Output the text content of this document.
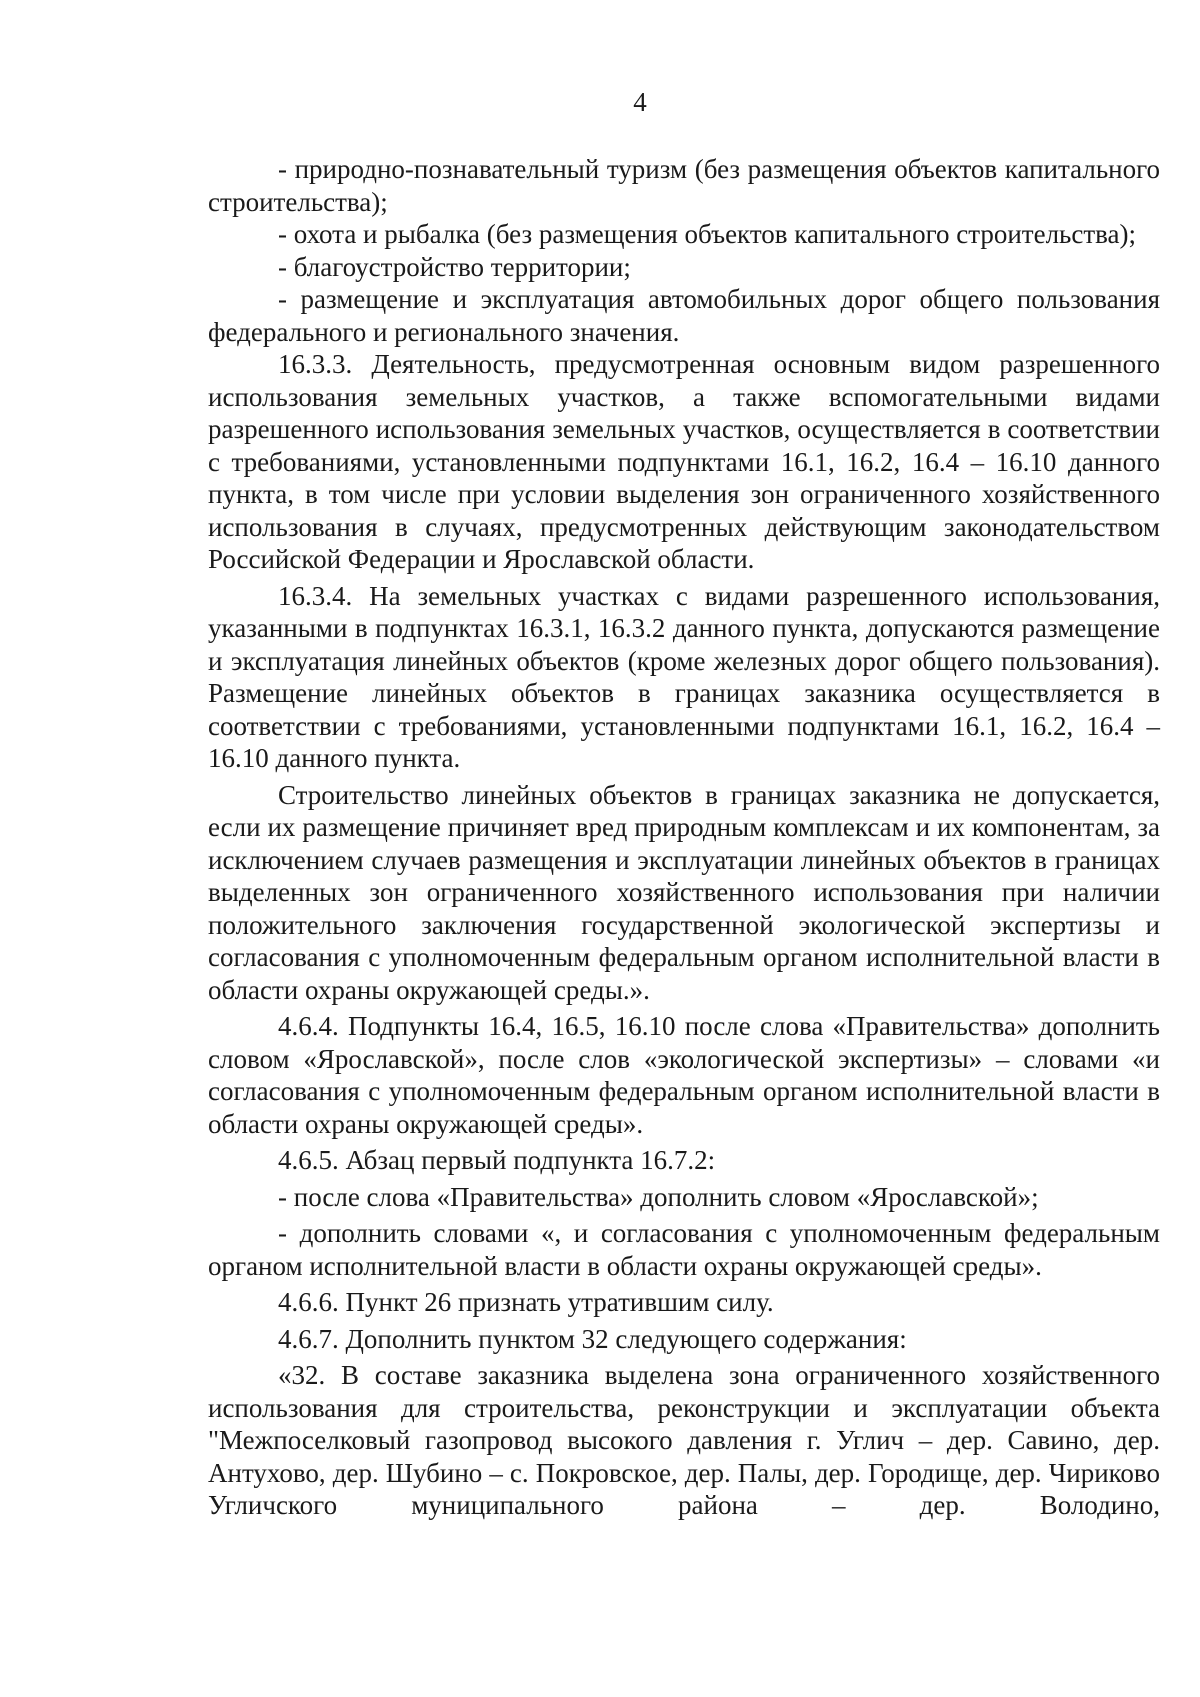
4

- природно-познавательный туризм (без размещения объектов капитального строительства);

- охота и рыбалка (без размещения объектов капитального строительства);

- благоустройство территории;

- размещение и эксплуатация автомобильных дорог общего пользования федерального и регионального значения.

16.3.3. Деятельность, предусмотренная основным видом разрешенного использования земельных участков, а также вспомогательными видами разрешенного использования земельных участков, осуществляется в соответствии с требованиями, установленными подпунктами 16.1, 16.2, 16.4 – 16.10 данного пункта, в том числе при условии выделения зон ограниченного хозяйственного использования в случаях, предусмотренных действующим законодательством Российской Федерации и Ярославской области.

16.3.4. На земельных участках с видами разрешенного использования, указанными в подпунктах 16.3.1, 16.3.2 данного пункта, допускаются размещение и эксплуатация линейных объектов (кроме железных дорог общего пользования). Размещение линейных объектов в границах заказника осуществляется в соответствии с требованиями, установленными подпунктами 16.1, 16.2, 16.4 – 16.10 данного пункта.

Строительство линейных объектов в границах заказника не допускается, если их размещение причиняет вред природным комплексам и их компонентам, за исключением случаев размещения и эксплуатации линейных объектов в границах выделенных зон ограниченного хозяйственного использования при наличии положительного заключения государственной экологической экспертизы и согласования с уполномоченным федеральным органом исполнительной власти в области охраны окружающей среды.».

4.6.4. Подпункты 16.4, 16.5, 16.10 после слова «Правительства» дополнить словом «Ярославской», после слов «экологической экспертизы» – словами «и согласования с уполномоченным федеральным органом исполнительной власти в области охраны окружающей среды».

4.6.5. Абзац первый подпункта 16.7.2:

- после слова «Правительства» дополнить словом «Ярославской»;

- дополнить словами «, и согласования с уполномоченным федеральным органом исполнительной власти в области охраны окружающей среды».

4.6.6. Пункт 26 признать утратившим силу.

4.6.7. Дополнить пунктом 32 следующего содержания:

«32. В составе заказника выделена зона ограниченного хозяйственного использования для строительства, реконструкции и эксплуатации объекта "Межпоселковый газопровод высокого давления г. Углич – дер. Савино, дер. Антухово, дер. Шубино – с. Покровское, дер. Палы, дер. Городище, дер. Чириково Угличского муниципального района – дер. Володино,
